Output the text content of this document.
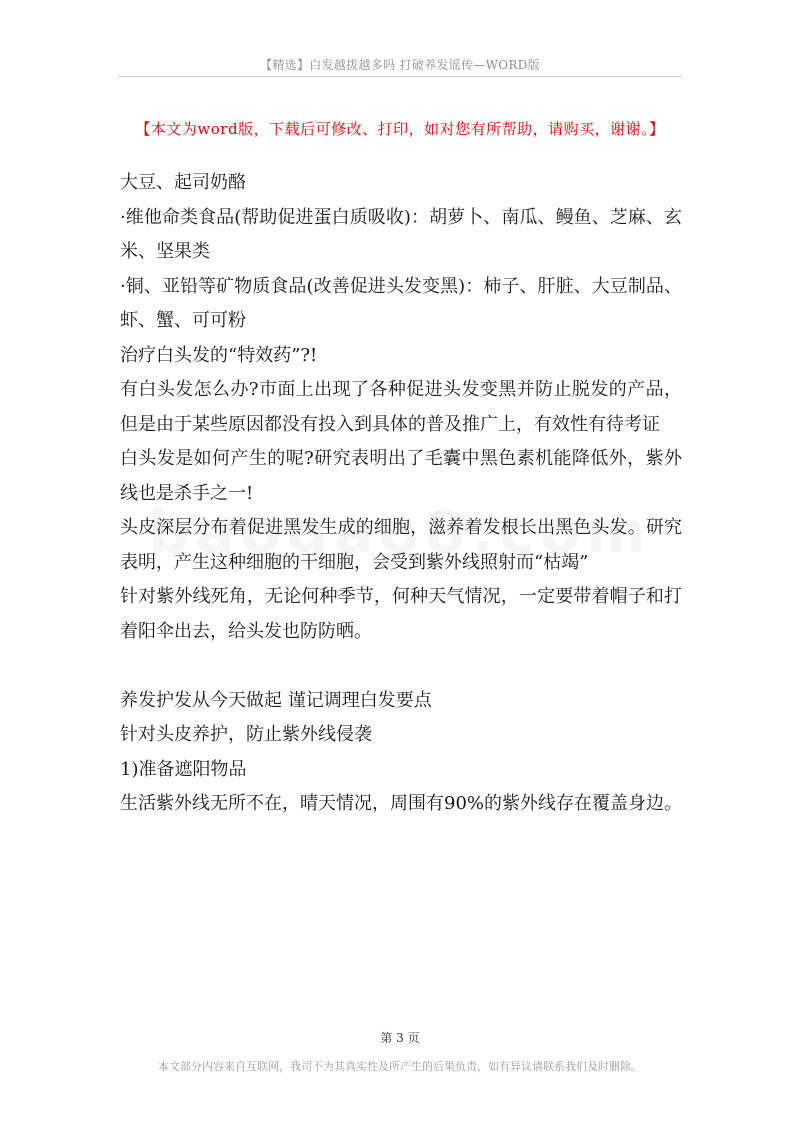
【精选】白发越拔越多吗 打破养发谣传—WORD版
【本文为word版，下载后可修改、打印，如对您有所帮助，请购买，谢谢。】

大豆、起司奶酪

·维他命类食品(帮助促进蛋白质吸收)：胡萝卜、南瓜、鳗鱼、芝麻、玄米、坚果类

·铜、亚铅等矿物质食品(改善促进头发变黑)：柿子、肝脏、大豆制品、虾、蟹、可可粉

治疗白头发的“特效药”?!

有白头发怎么办?市面上出现了各种促进头发变黑并防止脱发的产品，但是由于某些原因都没有投入到具体的普及推广上，有效性有待考证

白头发是如何产生的呢?研究表明出了毛囊中黑色素机能降低外，紫外线也是杀手之一!

头皮深层分布着促进黑发生成的细胞，滋养着发根长出黑色头发。研究表明，产生这种细胞的干细胞，会受到紫外线照射而“枯竭”

针对紫外线死角，无论何种季节，何种天气情况，一定要带着帽子和打着阳伞出去，给头发也防防晒。

养发护发从今天做起 谨记调理白发要点

针对头皮养护，防止紫外线侵袭

1)准备遮阳物品

生活紫外线无所不在，晴天情况，周围有90%的紫外线存在覆盖身边。

第 3 页
本文部分内容来自互联网，我司不为其真实性及所产生的后果负责，如有异议请联系我们及时删除。
